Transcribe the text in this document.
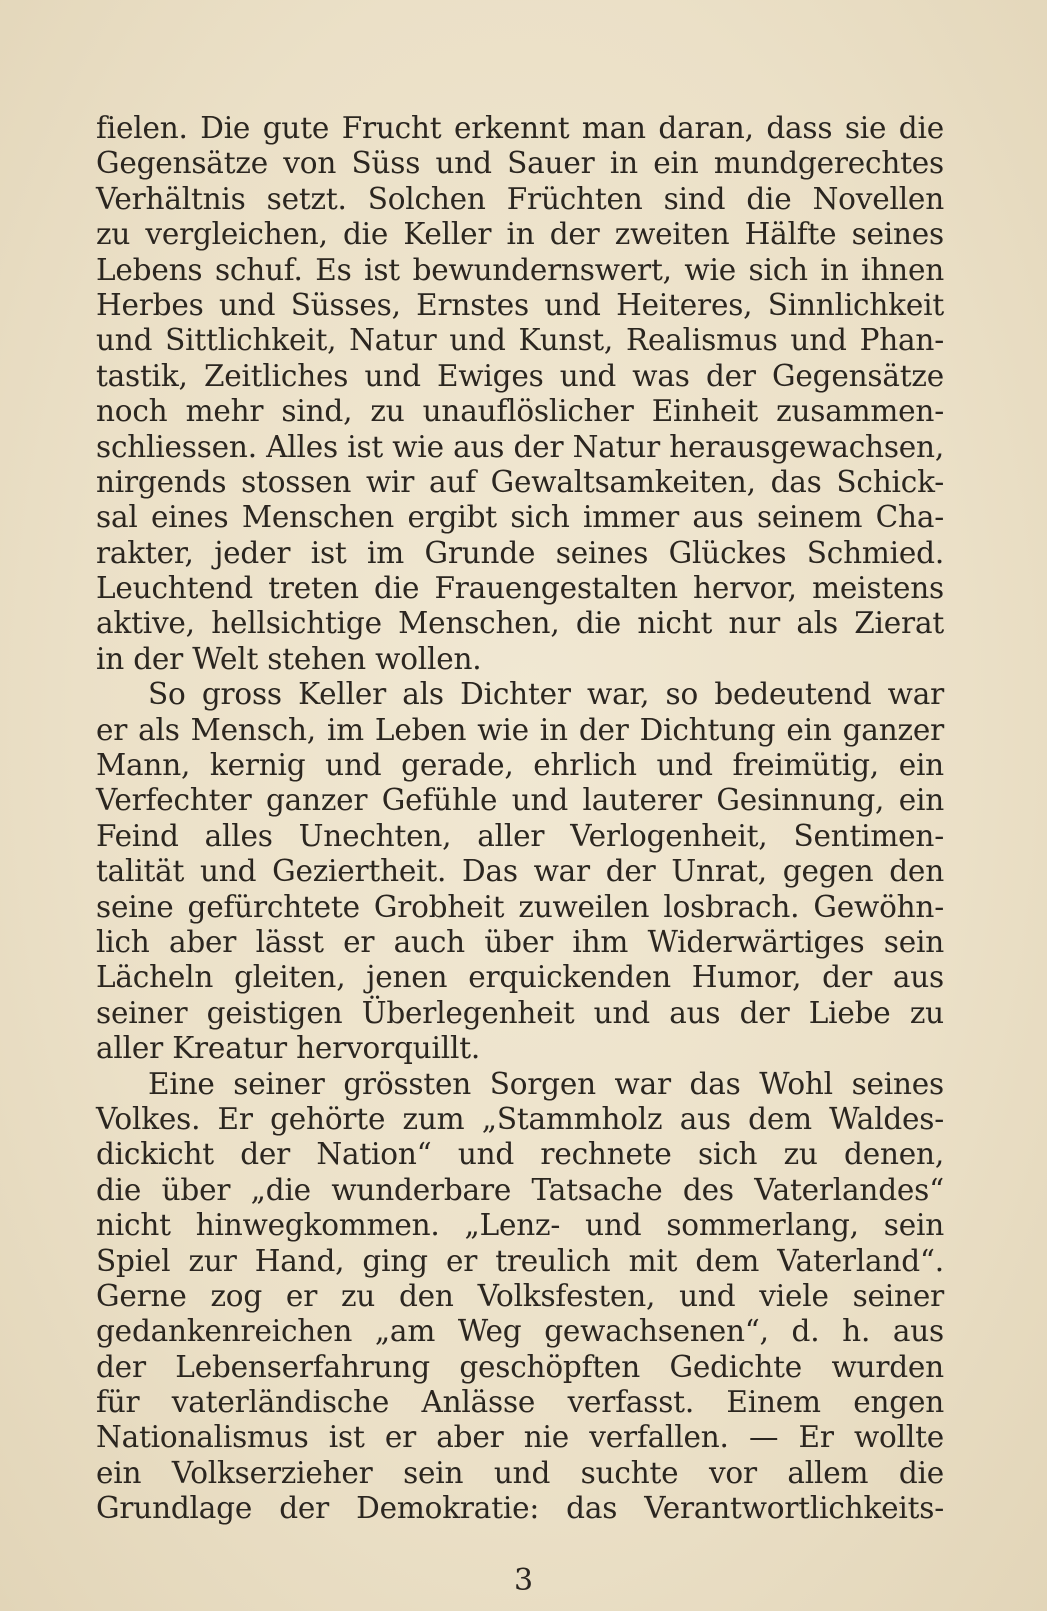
fielen. Die gute Frucht erkennt man daran, dass sie die
Gegensätze von Süss und Sauer in ein mundgerechtes
Verhältnis setzt. Solchen Früchten sind die Novellen
zu vergleichen, die Keller in der zweiten Hälfte seines
Lebens schuf. Es ist bewundernswert, wie sich in ihnen
Herbes und Süsses, Ernstes und Heiteres, Sinnlichkeit
und Sittlichkeit, Natur und Kunst, Realismus und Phan-
tastik, Zeitliches und Ewiges und was der Gegensätze
noch mehr sind, zu unauflöslicher Einheit zusammen-
schliessen. Alles ist wie aus der Natur herausgewachsen,
nirgends stossen wir auf Gewaltsamkeiten, das Schick-
sal eines Menschen ergibt sich immer aus seinem Cha-
rakter, jeder ist im Grunde seines Glückes Schmied.
Leuchtend treten die Frauengestalten hervor, meistens
aktive, hellsichtige Menschen, die nicht nur als Zierat
in der Welt stehen wollen.
So gross Keller als Dichter war, so bedeutend war
er als Mensch, im Leben wie in der Dichtung ein ganzer
Mann, kernig und gerade, ehrlich und freimütig, ein
Verfechter ganzer Gefühle und lauterer Gesinnung, ein
Feind alles Unechten, aller Verlogenheit, Sentimen-
talität und Geziertheit. Das war der Unrat, gegen den
seine gefürchtete Grobheit zuweilen losbrach. Gewöhn-
lich aber lässt er auch über ihm Widerwärtiges sein
Lächeln gleiten, jenen erquickenden Humor, der aus
seiner geistigen Überlegenheit und aus der Liebe zu
aller Kreatur hervorquillt.
Eine seiner grössten Sorgen war das Wohl seines
Volkes. Er gehörte zum „Stammholz aus dem Waldes-
dickicht der Nation“ und rechnete sich zu denen,
die über „die wunderbare Tatsache des Vaterlandes“
nicht hinwegkommen. „Lenz- und sommerlang, sein
Spiel zur Hand, ging er treulich mit dem Vaterland“.
Gerne zog er zu den Volksfesten, und viele seiner
gedankenreichen „am Weg gewachsenen“, d. h. aus
der Lebenserfahrung geschöpften Gedichte wurden
für vaterländische Anlässe verfasst. Einem engen
Nationalismus ist er aber nie verfallen. — Er wollte
ein Volkserzieher sein und suchte vor allem die
Grundlage der Demokratie: das Verantwortlichkeits-
3
